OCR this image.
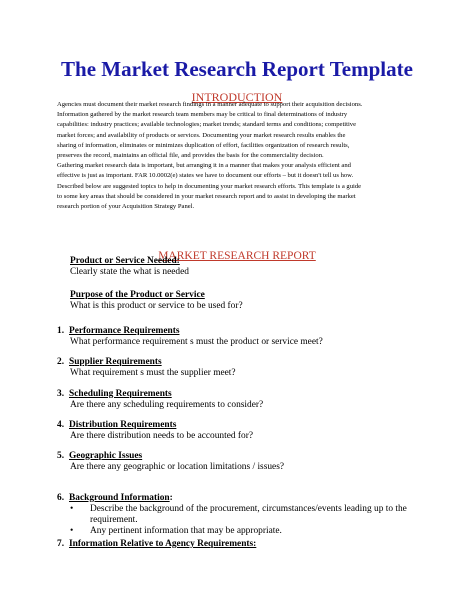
The Market Research Report Template
INTRODUCTION

Agencies must document their market research findings in a manner adequate to support their acquisition decisions.

Information gathered by the market research team members may be critical to final determinations of industry

capabilities: industry practices; available technologies; market trends; standard terms and conditions; competitive

market forces; and availability of products or services. Documenting your market research results enables the

sharing of information, eliminates or minimizes duplication of effort, facilities organization of research results,

preserves the record, maintains an official file, and provides the basis for the commerciality decision.

Gathering market research data is important, but arranging it in a manner that makes your analysis efficient and

effective is just as important. FAR 10.0002(e) states we have to document our efforts – but it doesn't tell us how.

Described below are suggested topics to help in documenting your market research efforts. This template is a guide

to some key areas that should be considered in your market research report and to assist in developing the market

research portion of your Acquisition Strategy Panel.

MARKET RESEARCH REPORT
Product or Service Needed:
Clearly state the what is needed
Purpose of the Product or Service
What is this product or service to be used for?
1. Performance Requirements
What performance requirement s must the product or service meet?
2. Supplier Requirements
What requirement s must the supplier meet?
3. Scheduling Requirements
Are there any scheduling requirements to consider?
4. Distribution Requirements
Are there distribution needs to be accounted for?
5. Geographic Issues
Are there any geographic or location limitations / issues?
6. Background Information:
•	Describe the background of the procurement, circumstances/events leading up to the requirement.
•	Any pertinent information that may be appropriate.
7. Information Relative to Agency Requirements:
